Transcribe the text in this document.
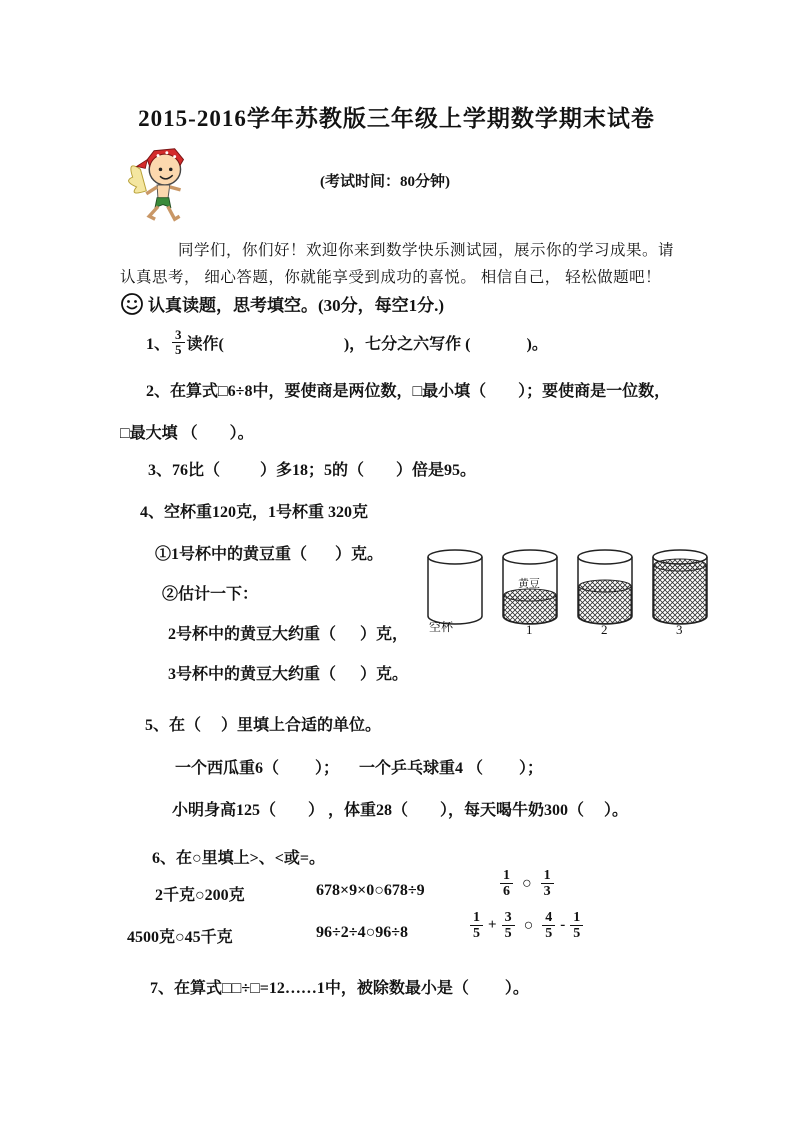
2015-2016学年苏教版三年级上学期数学期末试卷
(考试时间：80分钟)
同学们，你们好！欢迎你来到数学快乐测试园，展示你的学习成果。请
认真思考， 细心答题，你就能享受到成功的喜悦。 相信自己， 轻松做题吧！
认真读题，思考填空。(30分，每空1分.)
1、 $\frac{3}{5}$ 读作(                              )，七分之六写作 (              )。
2、在算式□6÷8中，要使商是两位数，□最小填（        ）；要使商是一位数，
□最大填 （        ）。
3、76比（          ）多18；5的（        ）倍是95。
4、空杯重120克，1号杯重 320克
①1号杯中的黄豆重（       ）克。
②估计一下：
2号杯中的黄豆大约重（      ）克，
3号杯中的黄豆大约重（      ）克。
空杯
黄豆
1	2	3
5、在（     ）里填上合适的单位。
一个西瓜重6（         ）；     一个乒乓球重4 （         ）；
小明身高125（        ） ，体重28（        ），每天喝牛奶300（     ）。
6、在○里填上>、<或=。
2千克○200克	678×9×0○678÷9	$\frac{1}{6}$ ○ $\frac{1}{3}$
4500克○45千克	96÷2÷4○96÷8	$\frac{1}{5} + \frac{3}{5}$ ○ $\frac{4}{5} - \frac{1}{5}$
7、在算式□□÷□=12……1中，被除数最小是（         ）。
